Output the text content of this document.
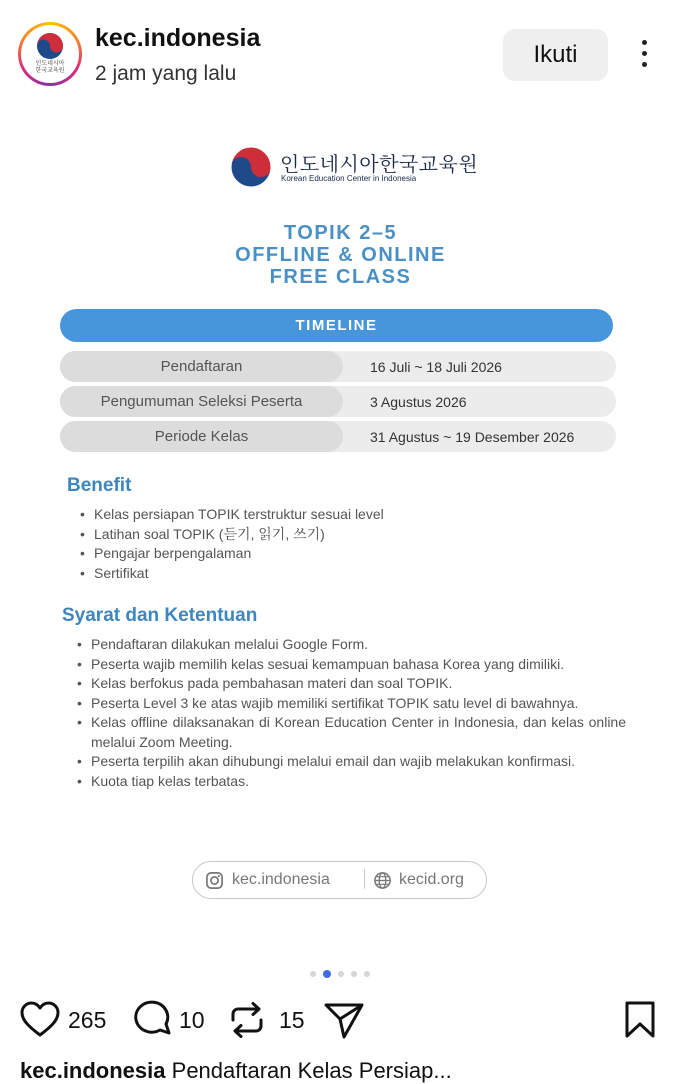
인도네시아
한국교육원
kec.indonesia
2 jam yang lalu
Ikuti
인도네시아한국교육원
Korean Education Center in Indonesia
TOPIK 2–5
OFFLINE & ONLINE
FREE CLASS
TIMELINE
Pendaftaran	16 Juli ~ 18 Juli 2026
Pengumuman Seleksi Peserta	3 Agustus 2026
Periode Kelas	31 Agustus ~ 19 Desember 2026
Benefit
• Kelas persiapan TOPIK terstruktur sesuai level
• Latihan soal TOPIK (듣기, 읽기, 쓰기)
• Pengajar berpengalaman
• Sertifikat
Syarat dan Ketentuan
• Pendaftaran dilakukan melalui Google Form.
• Peserta wajib memilih kelas sesuai kemampuan bahasa Korea yang dimiliki.
• Kelas berfokus pada pembahasan materi dan soal TOPIK.
• Peserta Level 3 ke atas wajib memiliki sertifikat TOPIK satu level di bawahnya.
• Kelas offline dilaksanakan di Korean Education Center in Indonesia, dan kelas online melalui Zoom Meeting.
• Peserta terpilih akan dihubungi melalui email dan wajib melakukan konfirmasi.
• Kuota tiap kelas terbatas.
kec.indonesia	kecid.org
265	10	15
kec.indonesia Pendaftaran Kelas Persiap...
